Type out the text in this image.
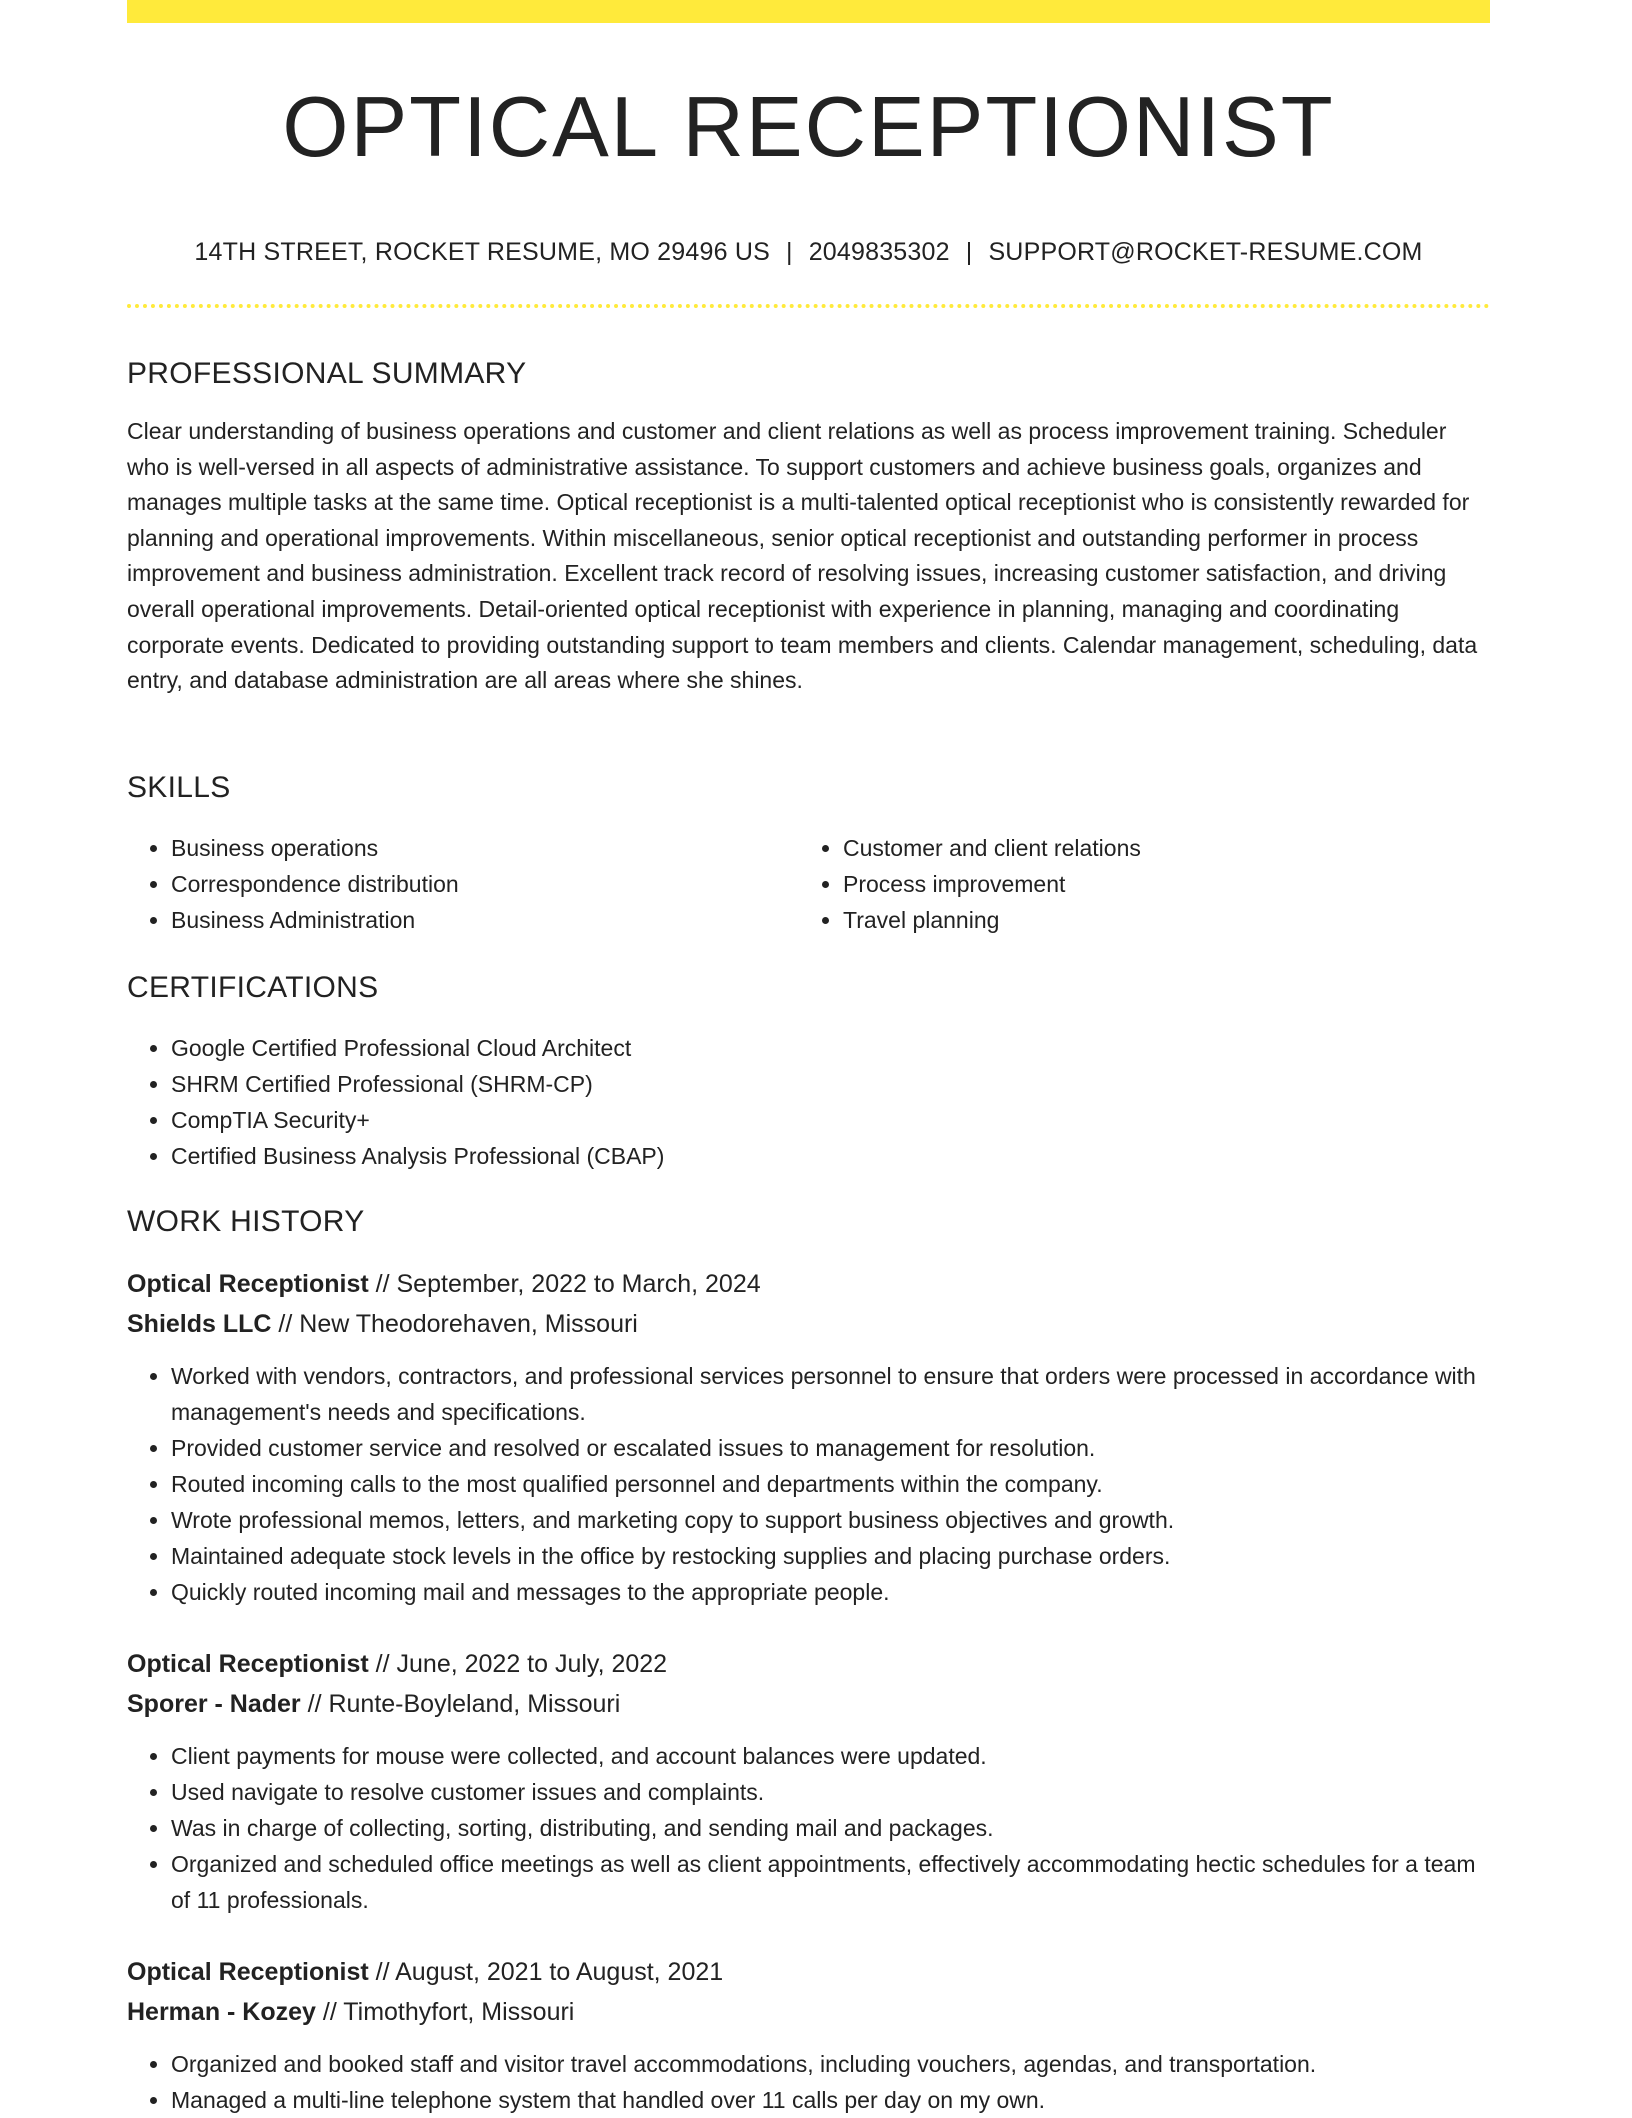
OPTICAL RECEPTIONIST
14TH STREET, ROCKET RESUME, MO 29496 US | 2049835302 | SUPPORT@ROCKET-RESUME.COM
PROFESSIONAL SUMMARY

Clear understanding of business operations and customer and client relations as well as process improvement training. Scheduler who is well-versed in all aspects of administrative assistance. To support customers and achieve business goals, organizes and manages multiple tasks at the same time. Optical receptionist is a multi-talented optical receptionist who is consistently rewarded for planning and operational improvements. Within miscellaneous, senior optical receptionist and outstanding performer in process improvement and business administration. Excellent track record of resolving issues, increasing customer satisfaction, and driving overall operational improvements. Detail-oriented optical receptionist with experience in planning, managing and coordinating corporate events. Dedicated to providing outstanding support to team members and clients. Calendar management, scheduling, data entry, and database administration are all areas where she shines.

SKILLS
• Business operations
• Correspondence distribution
• Business Administration
• Customer and client relations
• Process improvement
• Travel planning
CERTIFICATIONS
• Google Certified Professional Cloud Architect
• SHRM Certified Professional (SHRM-CP)
• CompTIA Security+
• Certified Business Analysis Professional (CBAP)
WORK HISTORY

Optical Receptionist // September, 2022 to March, 2024

Shields LLC // New Theodorehaven, Missouri

• Worked with vendors, contractors, and professional services personnel to ensure that orders were processed in accordance with management's needs and specifications.
• Provided customer service and resolved or escalated issues to management for resolution.
• Routed incoming calls to the most qualified personnel and departments within the company.
• Wrote professional memos, letters, and marketing copy to support business objectives and growth.
• Maintained adequate stock levels in the office by restocking supplies and placing purchase orders.
• Quickly routed incoming mail and messages to the appropriate people.

Optical Receptionist // June, 2022 to July, 2022

Sporer - Nader // Runte-Boyleland, Missouri

• Client payments for mouse were collected, and account balances were updated.
• Used navigate to resolve customer issues and complaints.
• Was in charge of collecting, sorting, distributing, and sending mail and packages.
• Organized and scheduled office meetings as well as client appointments, effectively accommodating hectic schedules for a team of 11 professionals.

Optical Receptionist // August, 2021 to August, 2021

Herman - Kozey // Timothyfort, Missouri

• Organized and booked staff and visitor travel accommodations, including vouchers, agendas, and transportation.
• Managed a multi-line telephone system that handled over 11 calls per day on my own.
